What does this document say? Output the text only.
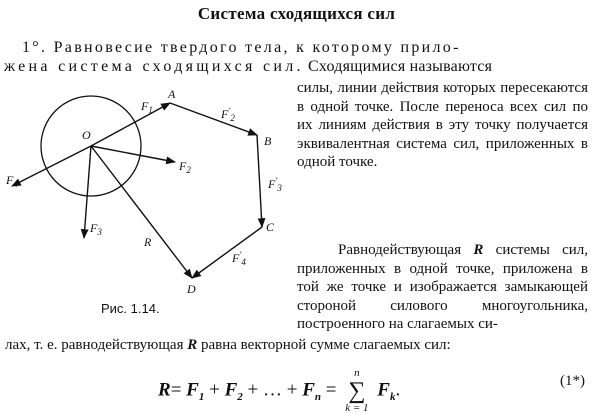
Система сходящихся сил
1°. Равновесие твердого тела, к которому прило-
жена система сходящихся сил. Сходящимися называются

силы, линии действия которых пересекаются в одной точке. После переноса всех сил по их линиям действия в эту точку получается эквивалентная система сил, приложенных в одной точке.

Равнодействующая R системы сил, приложенных в одной точке, приложена в той же точке и изображается замыкающей стороной силового многоугольника, построенного на слагаемых си-

лах, т. е. равнодействующая R равна векторной сумме слагаемых сил:
O
A
B
C
D
$F_1$
$F_2$
$F_3$
$F_4$
$F'_2$
$F'_3$
$F'_4$
R
Рис. 1.14.
$R= F_1 + F_2$ + … + $F_n$ =
n
∑
k = 1
$F_k$.	(1*)
